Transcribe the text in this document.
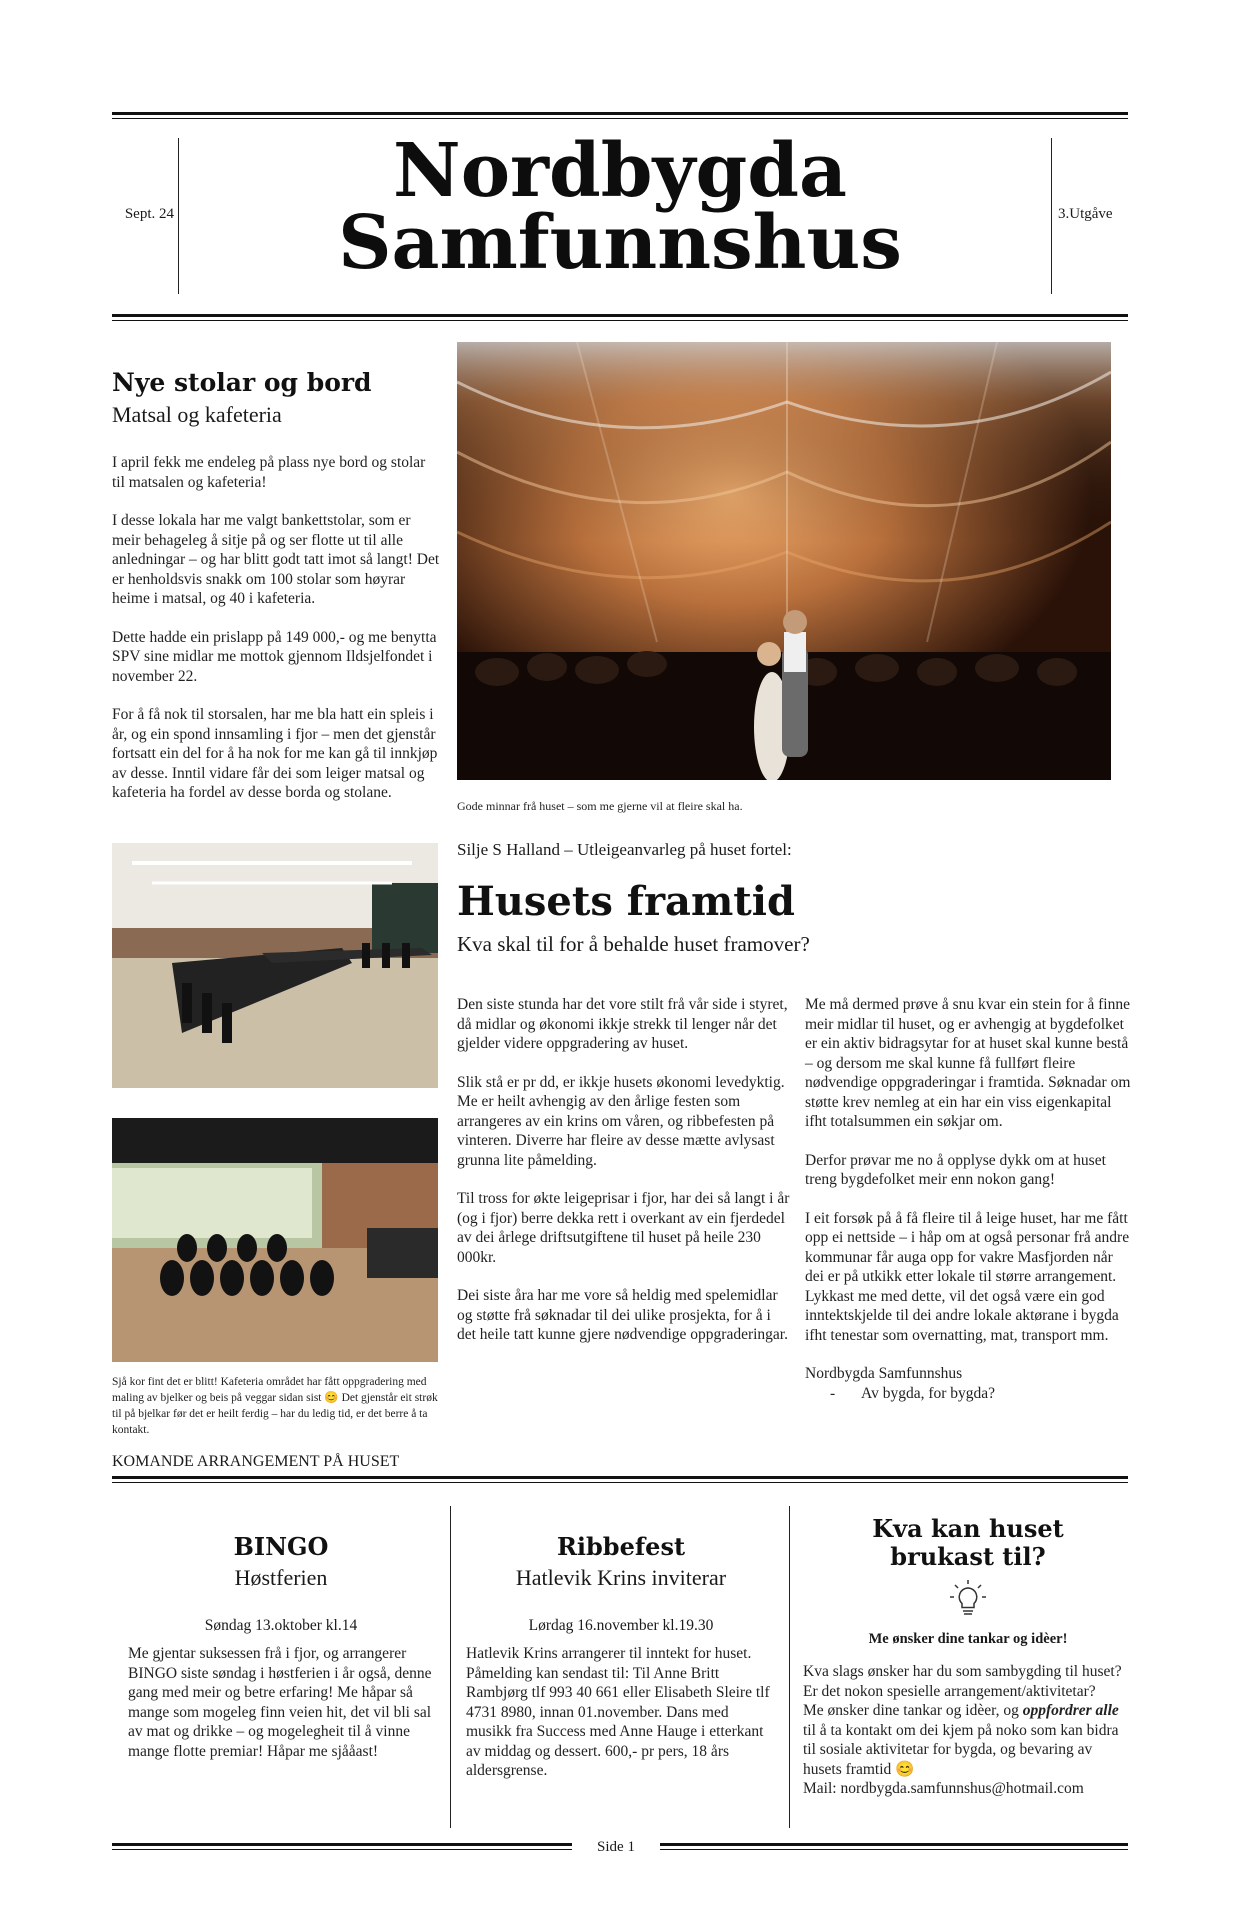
Sept. 24	Nordbygda
Samfunnshus	3.Utgåve
Nye stolar og bord
Matsal og kafeteria

I april fekk me endeleg på plass nye bord og stolar til matsalen og kafeteria!

I desse lokala har me valgt bankettstolar, som er meir behageleg å sitje på og ser flotte ut til alle anledningar – og har blitt godt tatt imot så langt! Det er henholdsvis snakk om 100 stolar som høyrar heime i matsal, og 40 i kafeteria.

Dette hadde ein prislapp på 149 000,- og me benytta SPV sine midlar me mottok gjennom Ildsjelfondet i november 22.

For å få nok til storsalen, har me bla hatt ein spleis i år, og ein spond innsamling i fjor – men det gjenstår fortsatt ein del for å ha nok for me kan gå til innkjøp av desse. Inntil vidare får dei som leiger matsal og kafeteria ha fordel av desse borda og stolane.

Gode minnar frå huset – som me gjerne vil at fleire skal ha.
Sjå kor fint det er blitt! Kafeteria området har fått oppgradering med maling av bjelker og beis på veggar sidan sist 😊 Det gjenstår eit strøk til på bjelkar før det er heilt ferdig – har du ledig tid, er det berre å ta kontakt.
Silje S Halland – Utleigeanvarleg på huset fortel:
Husets framtid
Kva skal til for å behalde huset framover?

Den siste stunda har det vore stilt frå vår side i styret, då midlar og økonomi ikkje strekk til lenger når det gjelder videre oppgradering av huset.

Slik stå er pr dd, er ikkje husets økonomi levedyktig. Me er heilt avhengig av den årlige festen som arrangeres av ein krins om våren, og ribbefesten på vinteren. Diverre har fleire av desse mætte avlysast grunna lite påmelding.

Til tross for økte leigeprisar i fjor, har dei så langt i år (og i fjor) berre dekka rett i overkant av ein fjerdedel av dei årlege driftsutgiftene til huset på heile 230 000kr.

Dei siste åra har me vore så heldig med spelemidlar og støtte frå søknadar til dei ulike prosjekta, for å i det heile tatt kunne gjere nødvendige oppgraderingar.

Me må dermed prøve å snu kvar ein stein for å finne meir midlar til huset, og er avhengig at bygdefolket er ein aktiv bidragsytar for at huset skal kunne bestå – og dersom me skal kunne få fullført fleire nødvendige oppgraderingar i framtida. Søknadar om støtte krev nemleg at ein har ein viss eigenkapital ifht totalsummen ein søkjar om.

Derfor prøvar me no å opplyse dykk om at huset treng bygdefolket meir enn nokon gang!

I eit forsøk på å få fleire til å leige huset, har me fått opp ei nettside – i håp om at også personar frå andre kommunar får auga opp for vakre Masfjorden når dei er på utkikk etter lokale til større arrangement. Lykkast me med dette, vil det også være ein god inntektskjelde til dei andre lokale aktørane i bygda ifht tenestar som overnatting, mat, transport mm.

Nordbygda Samfunnshus
- Av bygda, for bygda?
KOMANDE ARRANGEMENT PÅ HUSET
BINGO
Høstferien
Søndag 13.oktober kl.14
Me gjentar suksessen frå i fjor, og arrangerer BINGO siste søndag i høstferien i år også, denne gang med meir og betre erfaring! Me håpar så mange som mogeleg finn veien hit, det vil bli sal av mat og drikke – og mogelegheit til å vinne mange flotte premiar! Håpar me sjååast!
Ribbefest
Hatlevik Krins inviterar
Lørdag 16.november kl.19.30
Hatlevik Krins arrangerer til inntekt for huset. Påmelding kan sendast til: Til Anne Britt Rambjørg tlf 993 40 661 eller Elisabeth Sleire tlf 4731 8980, innan 01.november. Dans med musikk fra Success med Anne Hauge i etterkant av middag og dessert. 600,- pr pers, 18 års aldersgrense.
Kva kan huset brukast til?
Me ønsker dine tankar og idèer!
Kva slags ønsker har du som sambygding til huset? Er det nokon spesielle arrangement/aktivitetar?
Me ønsker dine tankar og idèer, og oppfordrer alle til å ta kontakt om dei kjem på noko som kan bidra til sosiale aktivitetar for bygda, og bevaring av husets framtid 😊
Mail: nordbygda.samfunnshus@hotmail.com
Side 1
